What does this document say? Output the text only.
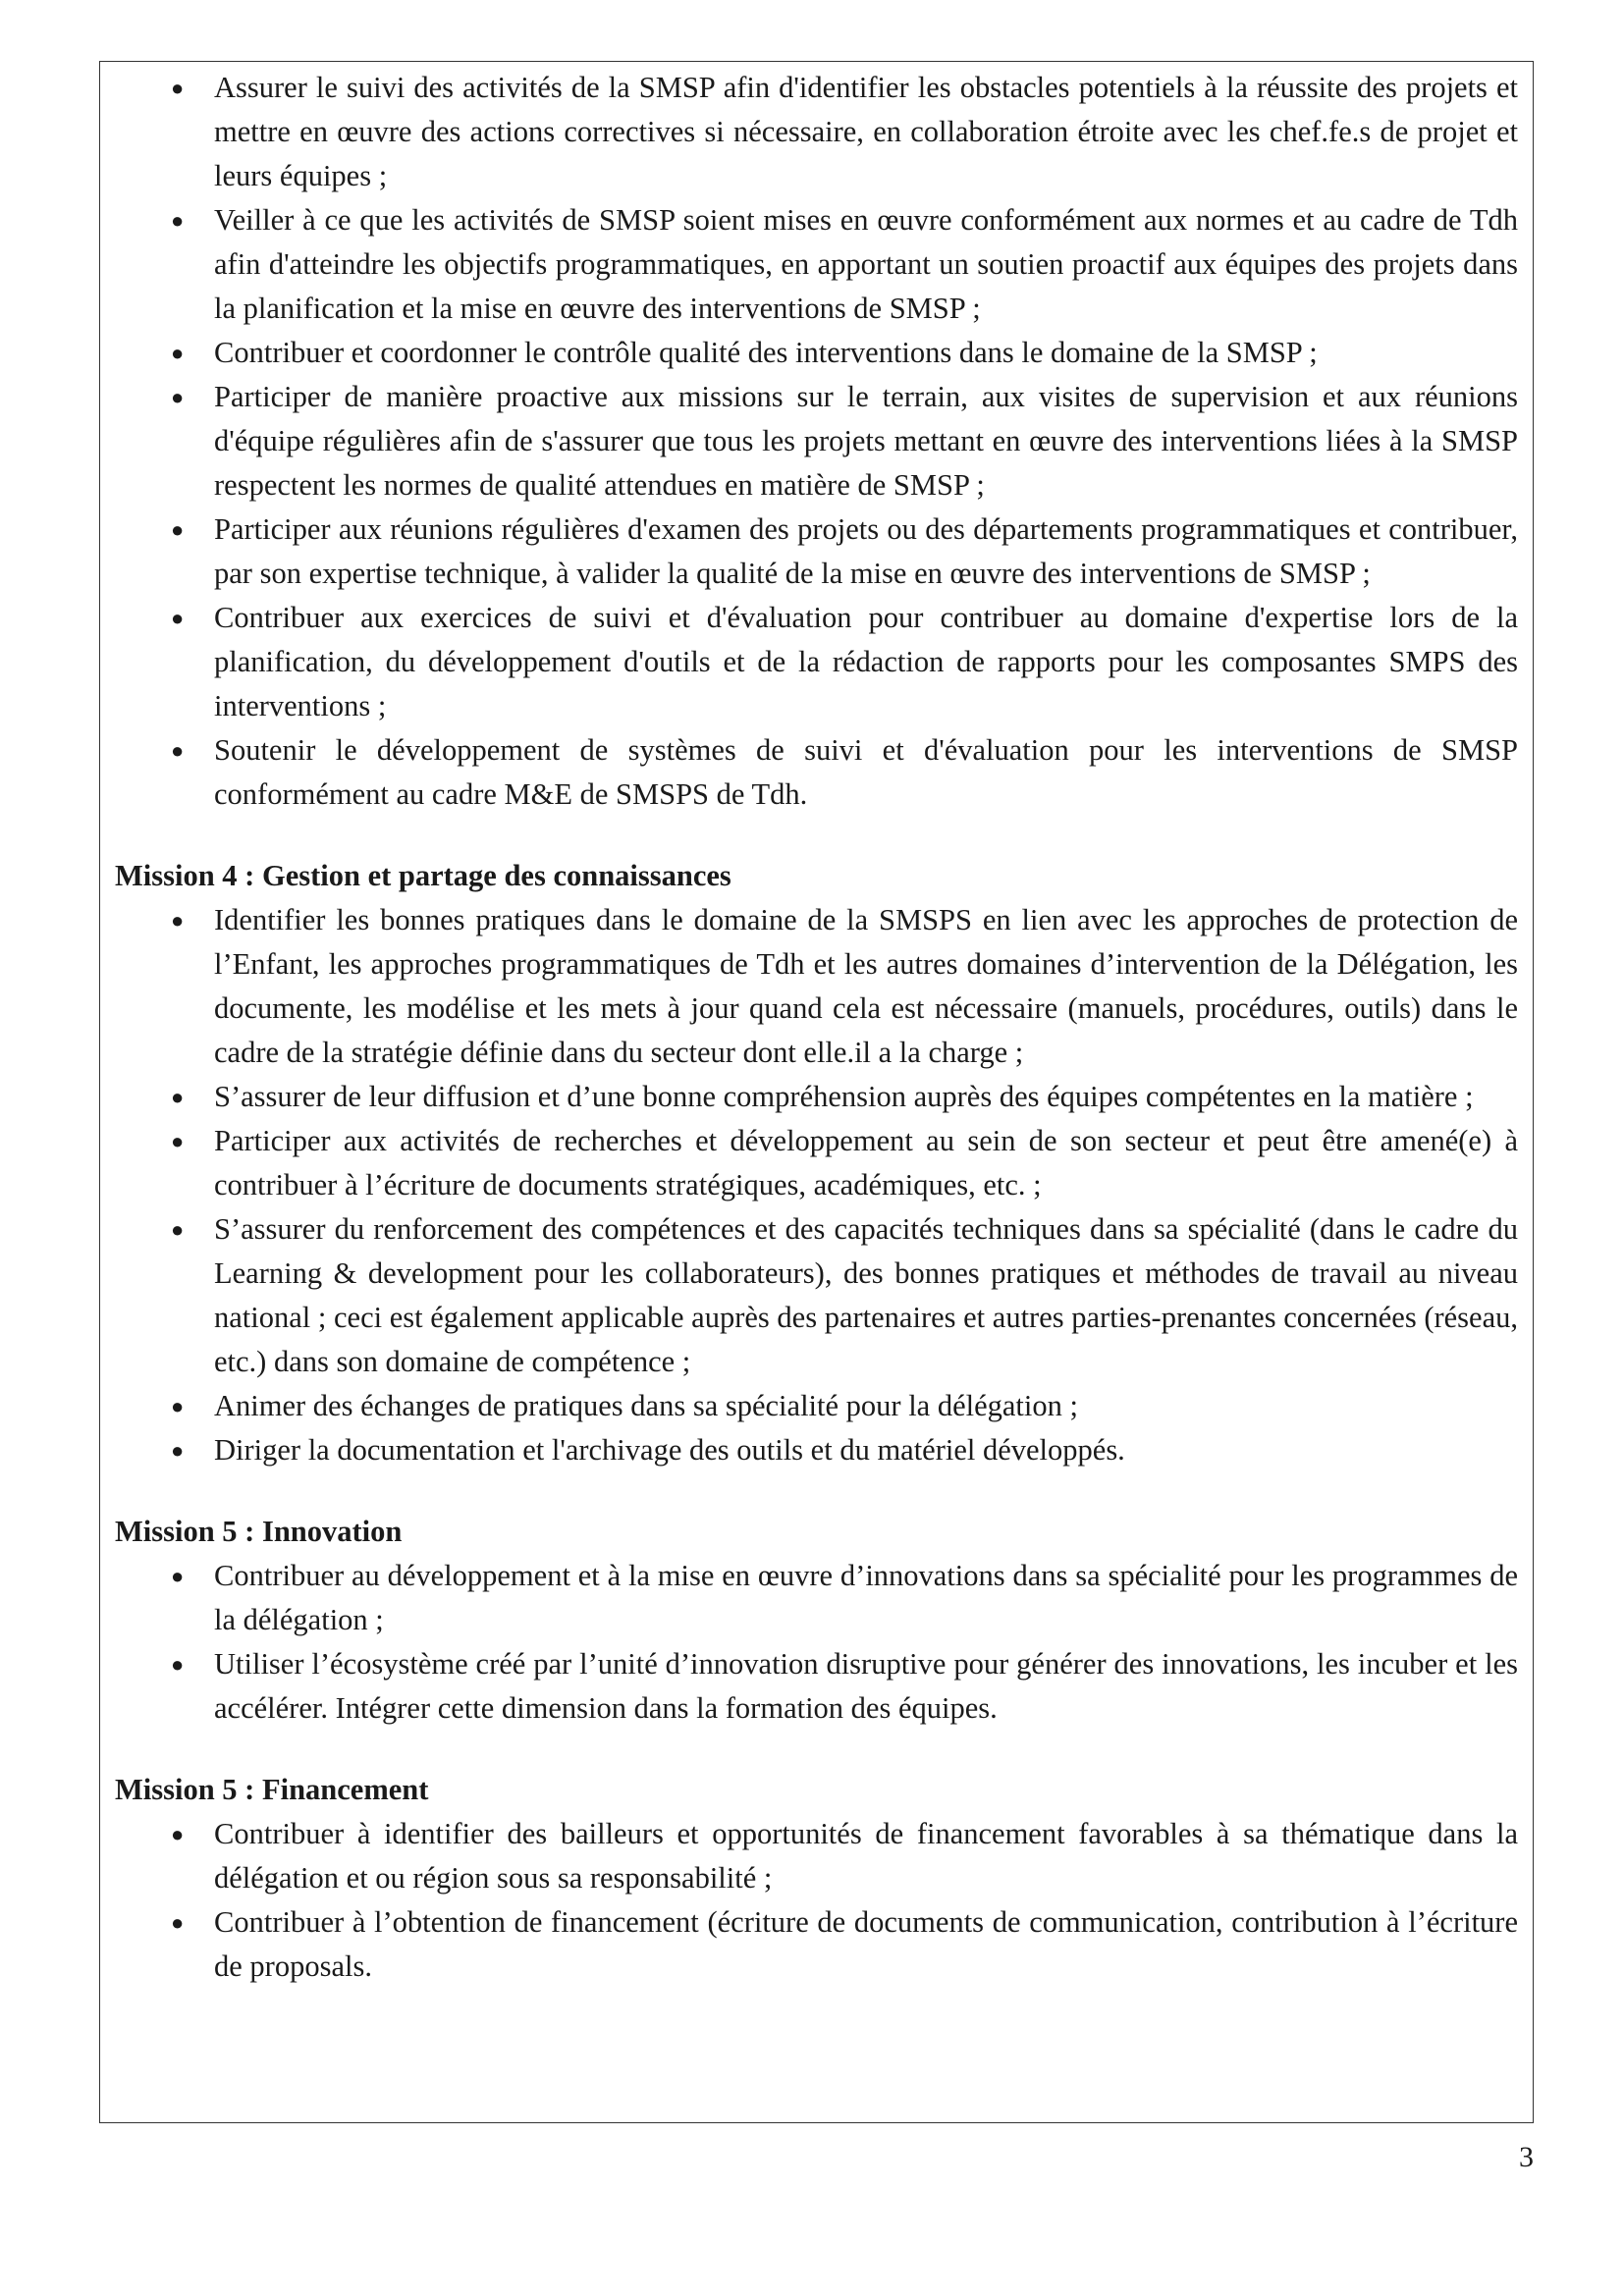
● Assurer le suivi des activités de la SMSP afin d'identifier les obstacles potentiels à la réussite des projets et mettre en œuvre des actions correctives si nécessaire, en collaboration étroite avec les chef.fe.s de projet et leurs équipes ;
● Veiller à ce que les activités de SMSP soient mises en œuvre conformément aux normes et au cadre de Tdh afin d'atteindre les objectifs programmatiques, en apportant un soutien proactif aux équipes des projets dans la planification et la mise en œuvre des interventions de SMSP ;
● Contribuer et coordonner le contrôle qualité des interventions dans le domaine de la SMSP ;
● Participer de manière proactive aux missions sur le terrain, aux visites de supervision et aux réunions d'équipe régulières afin de s'assurer que tous les projets mettant en œuvre des interventions liées à la SMSP respectent les normes de qualité attendues en matière de SMSP ;
● Participer aux réunions régulières d'examen des projets ou des départements programmatiques et contribuer, par son expertise technique, à valider la qualité de la mise en œuvre des interventions de SMSP ;
● Contribuer aux exercices de suivi et d'évaluation pour contribuer au domaine d'expertise lors de la planification, du développement d'outils et de la rédaction de rapports pour les composantes SMPS des interventions ;
● Soutenir le développement de systèmes de suivi et d'évaluation pour les interventions de SMSP conformément au cadre M&E de SMSPS de Tdh.
Mission 4 : Gestion et partage des connaissances
● Identifier les bonnes pratiques dans le domaine de la SMSPS en lien avec les approches de protection de l’Enfant, les approches programmatiques de Tdh et les autres domaines d’intervention de la Délégation, les documente, les modélise et les mets à jour quand cela est nécessaire (manuels, procédures, outils) dans le cadre de la stratégie définie dans du secteur dont elle.il a la charge ;
● S’assurer de leur diffusion et d’une bonne compréhension auprès des équipes compétentes en la matière ;
● Participer aux activités de recherches et développement au sein de son secteur et peut être amené(e) à contribuer à l’écriture de documents stratégiques, académiques, etc. ;
● S’assurer du renforcement des compétences et des capacités techniques dans sa spécialité (dans le cadre du Learning & development pour les collaborateurs), des bonnes pratiques et méthodes de travail au niveau national ; ceci est également applicable auprès des partenaires et autres parties-prenantes concernées (réseau, etc.) dans son domaine de compétence ;
● Animer des échanges de pratiques dans sa spécialité pour la délégation ;
● Diriger la documentation et l'archivage des outils et du matériel développés.
Mission 5 : Innovation
● Contribuer au développement et à la mise en œuvre d’innovations dans sa spécialité pour les programmes de la délégation ;
● Utiliser l’écosystème créé par l’unité d’innovation disruptive pour générer des innovations, les incuber et les accélérer. Intégrer cette dimension dans la formation des équipes.
Mission 5 : Financement
● Contribuer à identifier des bailleurs et opportunités de financement favorables à sa thématique dans la délégation et ou région sous sa responsabilité ;
● Contribuer à l’obtention de financement (écriture de documents de communication, contribution à l’écriture de proposals.
3
